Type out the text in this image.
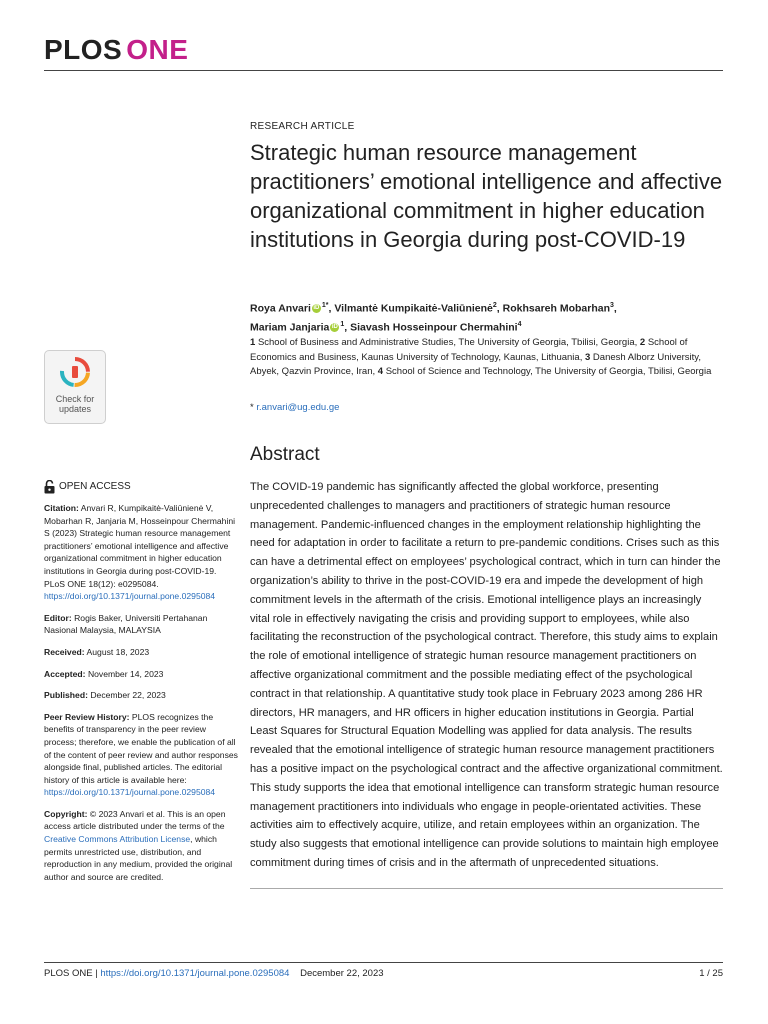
PLOS ONE
Check for
updates
RESEARCH ARTICLE
Strategic human resource management practitioners’ emotional intelligence and affective organizational commitment in higher education institutions in Georgia during post-COVID-19
Roya Anvari iD $^{1*}$, Vilmantė Kumpikaitė-Valiūnienė$^2$, Rokhsareh Mobarhan$^3$,
Mariam Janjaria iD $^1$, Siavash Hosseinpour Chermahini$^4$
1 School of Business and Administrative Studies, The University of Georgia, Tbilisi, Georgia, 2 School of Economics and Business, Kaunas University of Technology, Kaunas, Lithuania, 3 Danesh Alborz University, Abyek, Qazvin Province, Iran, 4 School of Science and Technology, The University of Georgia, Tbilisi, Georgia
* r.anvari@ug.edu.ge
Abstract

The COVID-19 pandemic has significantly affected the global workforce, presenting unprecedented challenges to managers and practitioners of strategic human resource management. Pandemic-influenced changes in the employment relationship highlighting the need for adaptation in order to facilitate a return to pre-pandemic conditions. Crises such as this can have a detrimental effect on employees’ psychological contract, which in turn can hinder the organization’s ability to thrive in the post-COVID-19 era and impede the development of high commitment levels in the aftermath of the crisis. Emotional intelligence plays an increasingly vital role in effectively navigating the crisis and providing support to employees, while also facilitating the reconstruction of the psychological contract. Therefore, this study aims to explain the role of emotional intelligence of strategic human resource management practitioners on affective organizational commitment and the possible mediating effect of the psychological contract in that relationship. A quantitative study took place in February 2023 among 286 HR directors, HR managers, and HR officers in higher education institutions in Georgia. Partial Least Squares for Structural Equation Modelling was applied for data analysis. The results revealed that the emotional intelligence of strategic human resource management practitioners has a positive impact on the psychological contract and the affective organizational commitment. This study supports the idea that emotional intelligence can transform strategic human resource management practitioners into individuals who engage in people-orientated activities. These activities aim to effectively acquire, utilize, and retain employees within an organization. The study also suggests that emotional intelligence can provide solutions to maintain high employee commitment during times of crisis and in the aftermath of unprecedented situations.

OPEN ACCESS

Citation: Anvari R, Kumpikaitė-Valiūnienė V, Mobarhan R, Janjaria M, Hosseinpour Chermahini S (2023) Strategic human resource management practitioners’ emotional intelligence and affective organizational commitment in higher education institutions in Georgia during post-COVID-19. PLoS ONE 18(12): e0295084. https://doi.org/10.1371/journal.pone.0295084

Editor: Rogis Baker, Universiti Pertahanan Nasional Malaysia, MALAYSIA

Received: August 18, 2023

Accepted: November 14, 2023

Published: December 22, 2023

Peer Review History: PLOS recognizes the benefits of transparency in the peer review process; therefore, we enable the publication of all of the content of peer review and author responses alongside final, published articles. The editorial history of this article is available here: https://doi.org/10.1371/journal.pone.0295084

Copyright: © 2023 Anvari et al. This is an open access article distributed under the terms of the Creative Commons Attribution License, which permits unrestricted use, distribution, and reproduction in any medium, provided the original author and source are credited.

PLOS ONE | https://doi.org/10.1371/journal.pone.0295084 December 22, 2023	1 / 25
